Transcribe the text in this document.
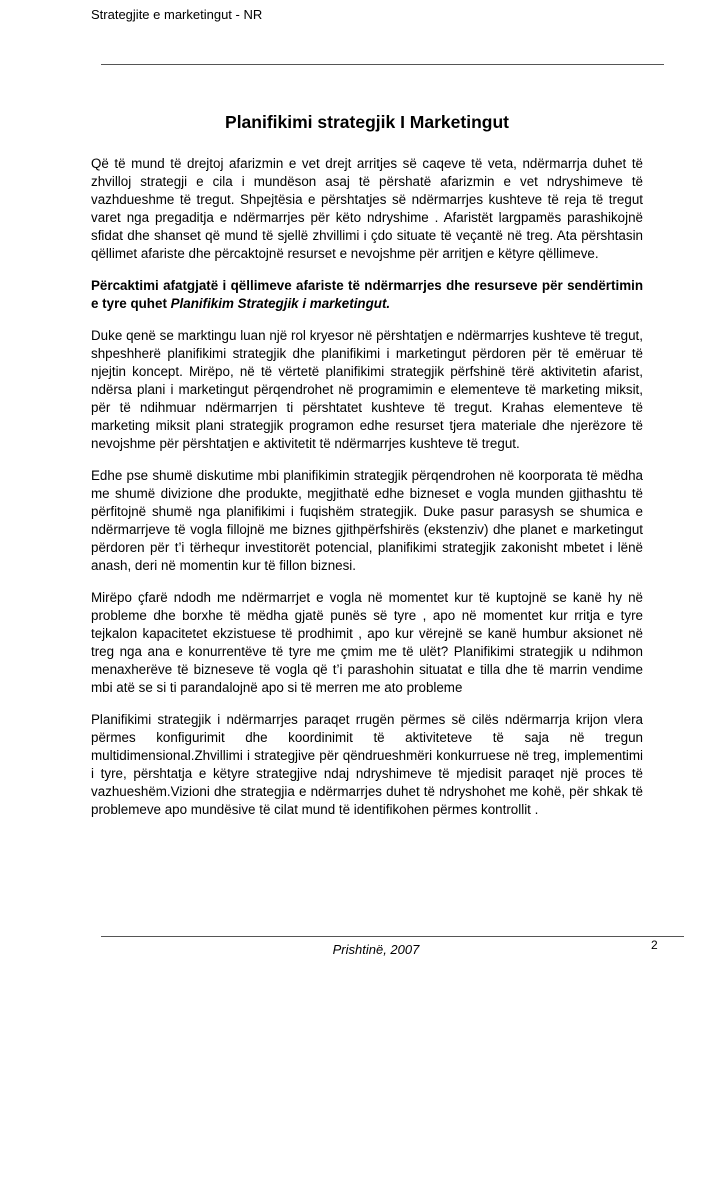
Strategjite e marketingut - NR
Planifikimi strategjik I Marketingut

Që të mund të drejtoj afarizmin e vet drejt arritjes së caqeve të veta, ndërmarrja duhet të zhvilloj strategji e cila i mundëson asaj të përshatë afarizmin e vet ndryshimeve të vazhdueshme të tregut. Shpejtësia e përshtatjes së ndërmarrjes kushteve të reja të tregut varet nga pregaditja e ndërmarrjes për këto ndryshime . Afaristët largpamës parashikojnë sfidat dhe shanset që mund të sjellë zhvillimi i çdo situate të veçantë në treg. Ata përshtasin qëllimet afariste dhe përcaktojnë resurset e nevojshme për arritjen e këtyre qëllimeve.

Përcaktimi afatgjatë i qëllimeve afariste të ndërmarrjes dhe resurseve për sendërtimin e tyre quhet Planifikim Strategjik i marketingut.

Duke qenë se marktingu luan një rol kryesor në përshtatjen e ndërmarrjes kushteve të tregut, shpeshherë planifikimi strategjik dhe planifikimi i marketingut përdoren për të emëruar të njejtin koncept. Mirëpo, në të vërtetë planifikimi strategjik përfshinë tërë aktivitetin afarist, ndërsa plani i marketingut përqendrohet në programimin e elementeve të marketing miksit, për të ndihmuar ndërmarrjen ti përshtatet kushteve të tregut. Krahas elementeve të marketing miksit plani strategjik programon edhe resurset tjera materiale dhe njerëzore të nevojshme për përshtatjen e aktivitetit të ndërmarrjes kushteve të tregut.

Edhe pse shumë diskutime mbi planifikimin strategjik përqendrohen në koorporata të mëdha me shumë divizione dhe produkte, megjithatë edhe bizneset e vogla munden gjithashtu të përfitojnë shumë nga planifikimi i fuqishëm strategjik. Duke pasur parasysh se shumica e ndërmarrjeve të vogla fillojnë me biznes gjithpërfshirës (ekstenziv) dhe planet e marketingut përdoren për t’i tërhequr investitorët potencial, planifikimi strategjik zakonisht mbetet i lënë anash, deri në momentin kur të fillon biznesi.

Mirëpo çfarë ndodh me ndërmarrjet e vogla në momentet kur të kuptojnë se kanë hy në probleme dhe borxhe të mëdha gjatë punës së tyre , apo në momentet kur rritja e tyre tejkalon kapacitetet ekzistuese të prodhimit , apo kur vërejnë se kanë humbur aksionet në treg nga ana e konurrentëve të tyre me çmim me të ulët? Planifikimi strategjik u ndihmon menaxherëve të bizneseve të vogla që t’i parashohin situatat e tilla dhe të marrin vendime mbi atë se si ti parandalojnë apo si të merren me ato probleme

Planifikimi strategjik i ndërmarrjes paraqet rrugën përmes së cilës ndërmarrja krijon vlera përmes konfigurimit dhe koordinimit të aktiviteteve të saja në tregun multidimensional.Zhvillimi i strategjive për qëndrueshmëri konkurruese në treg, implementimi i tyre, përshtatja e këtyre strategjive ndaj ndryshimeve të mjedisit paraqet një proces të vazhueshëm.Vizioni dhe strategjia e ndërmarrjes duhet të ndryshohet me kohë, për shkak të problemeve apo mundësive të cilat mund të identifikohen përmes kontrollit .

Prishtinë, 2007	2
